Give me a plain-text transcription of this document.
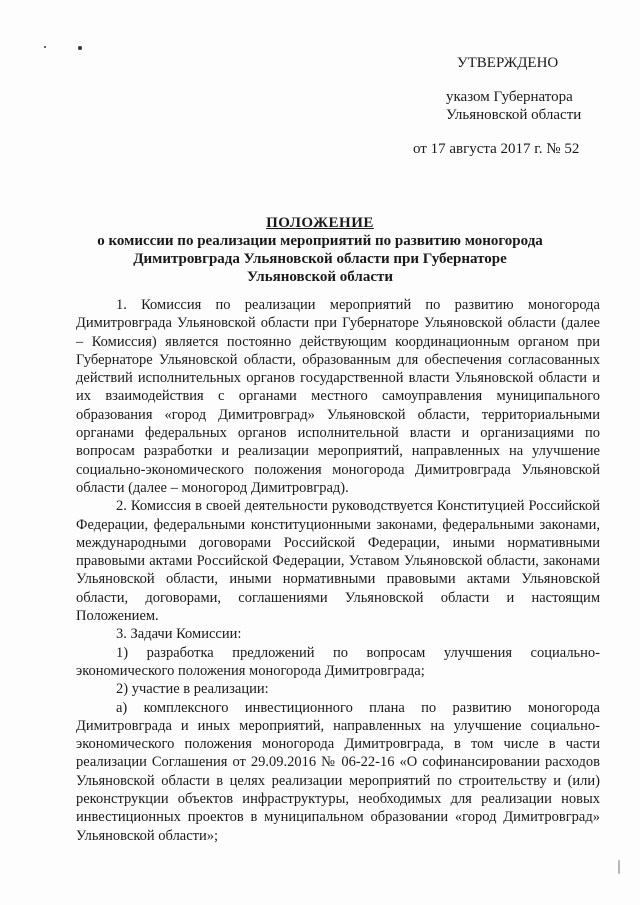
УТВЕРЖДЕНО
указом Губернатора
Ульяновской области
от 17 августа 2017 г. № 52
ПОЛОЖЕНИЕ
о комиссии по реализации мероприятий по развитию моногорода
Димитровграда Ульяновской области при Губернаторе
Ульяновской области

1. Комиссия по реализации мероприятий по развитию моногорода Димитровграда Ульяновской области при Губернаторе Ульяновской области (далее – Комиссия) является постоянно действующим координационным органом при Губернаторе Ульяновской области, образованным для обеспечения согласованных действий исполнительных органов государственной власти Ульяновской области и их взаимодействия с органами местного самоуправления муниципального образования «город Димитровград» Ульяновской области, территориальными органами федеральных органов исполнительной власти и организациями по вопросам разработки и реализации мероприятий, направленных на улучшение социально-экономического положения моногорода Димитровграда Ульяновской области (далее – моногород Димитровград).

2. Комиссия в своей деятельности руководствуется Конституцией Российской Федерации, федеральными конституционными законами, федеральными законами, международными договорами Российской Федерации, иными нормативными правовыми актами Российской Федерации, Уставом Ульяновской области, законами Ульяновской области, иными нормативными правовыми актами Ульяновской области, договорами, соглашениями Ульяновской области и настоящим Положением.

3. Задачи Комиссии:

1) разработка предложений по вопросам улучшения социально-экономического положения моногорода Димитровграда;

2) участие в реализации:

а) комплексного инвестиционного плана по развитию моногорода Димитровграда и иных мероприятий, направленных на улучшение социально-экономического положения моногорода Димитровграда, в том числе в части реализации Соглашения от 29.09.2016 № 06-22-16 «О софинансировании расходов Ульяновской области в целях реализации мероприятий по строительству и (или) реконструкции объектов инфраструктуры, необходимых для реализации новых инвестиционных проектов в муниципальном образовании «город Димитровград» Ульяновской области»;
